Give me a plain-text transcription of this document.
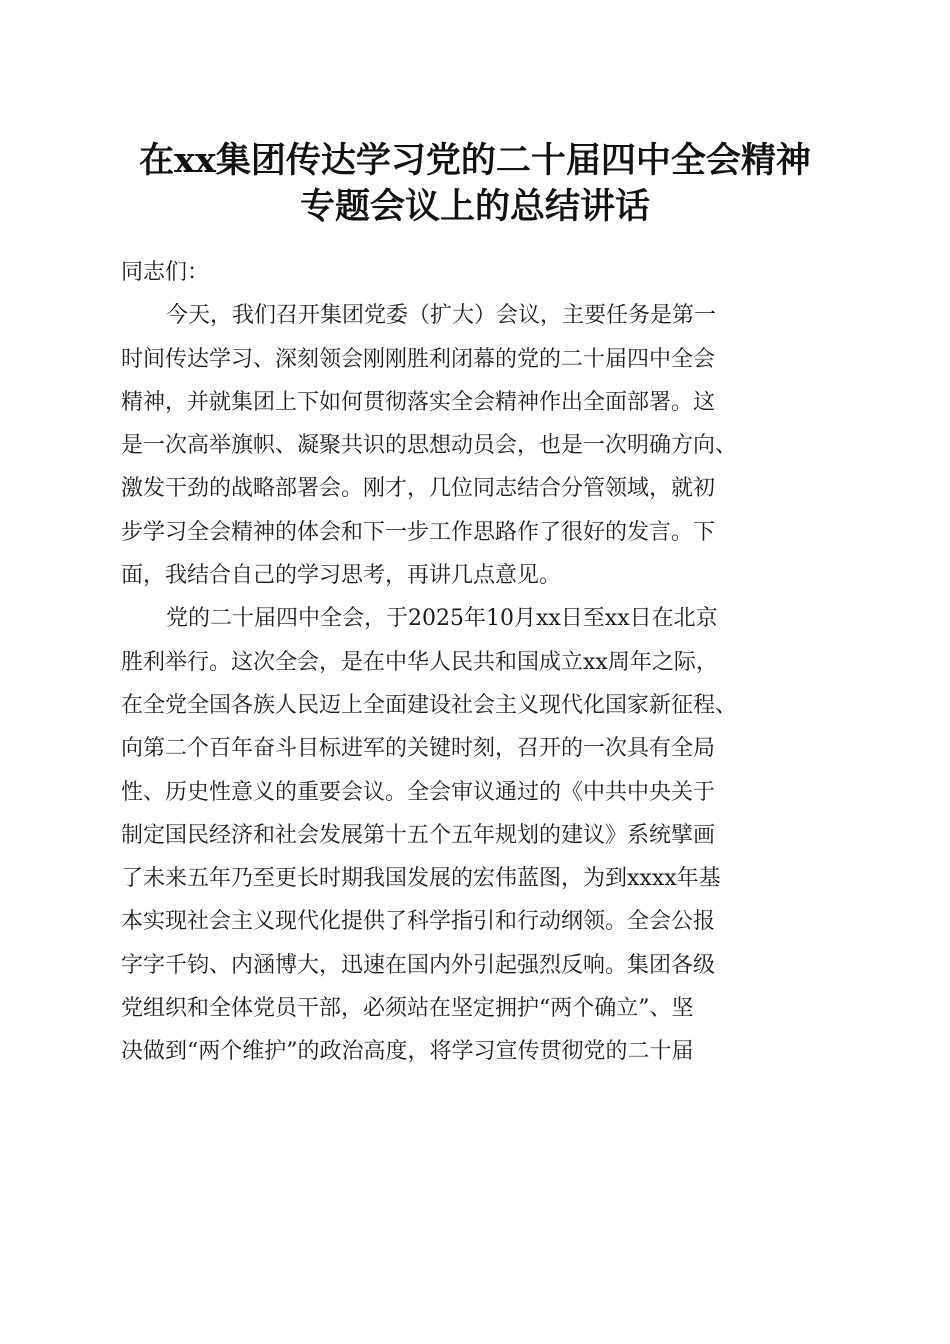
在xx集团传达学习党的二十届四中全会精神
专题会议上的总结讲话
同志们：
今天，我们召开集团党委（扩大）会议，主要任务是第一
时间传达学习、深刻领会刚刚胜利闭幕的党的二十届四中全会
精神，并就集团上下如何贯彻落实全会精神作出全面部署。这
是一次高举旗帜、凝聚共识的思想动员会，也是一次明确方向、
激发干劲的战略部署会。刚才，几位同志结合分管领域，就初
步学习全会精神的体会和下一步工作思路作了很好的发言。下
面，我结合自己的学习思考，再讲几点意见。
党的二十届四中全会，于2025年10月xx日至xx日在北京
胜利举行。这次全会，是在中华人民共和国成立xx周年之际，
在全党全国各族人民迈上全面建设社会主义现代化国家新征程、
向第二个百年奋斗目标进军的关键时刻，召开的一次具有全局
性、历史性意义的重要会议。全会审议通过的《中共中央关于
制定国民经济和社会发展第十五个五年规划的建议》系统擘画
了未来五年乃至更长时期我国发展的宏伟蓝图，为到xxxx年基
本实现社会主义现代化提供了科学指引和行动纲领。全会公报
字字千钧、内涵博大，迅速在国内外引起强烈反响。集团各级
党组织和全体党员干部，必须站在坚定拥护“两个确立”、坚
决做到“两个维护”的政治高度，将学习宣传贯彻党的二十届
